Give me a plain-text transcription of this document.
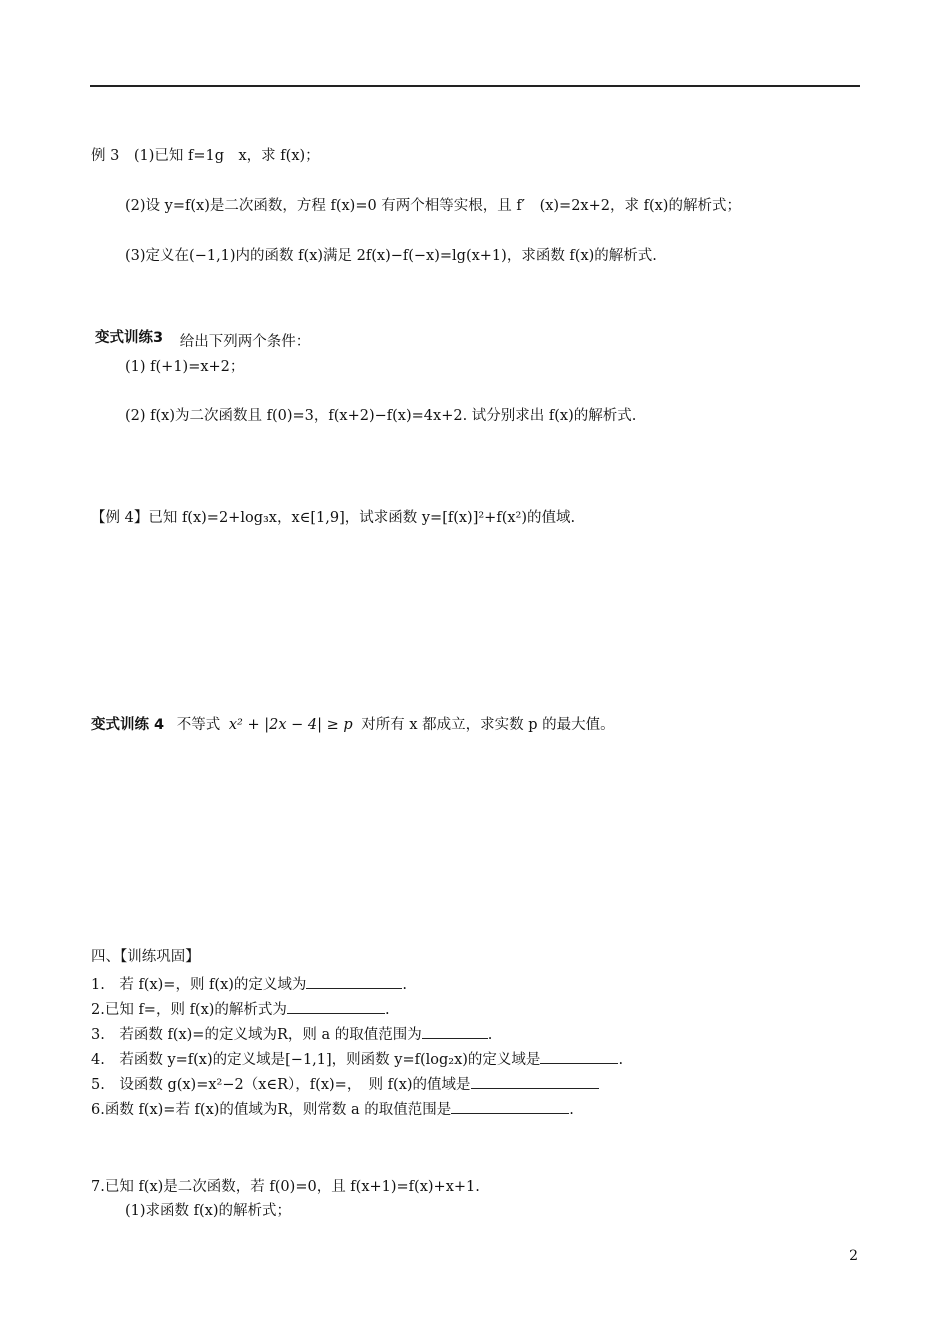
例 3　(1)已知 f=1g　x，求 f(x)；
(2)设 y=f(x)是二次函数，方程 f(x)=0 有两个相等实根，且 f′　(x)=2x+2，求 f(x)的解析式；
(3)定义在(−1,1)内的函数 f(x)满足 2f(x)−f(−x)=lg(x+1)，求函数 f(x)的解析式.
变式训练3 给出下列两个条件：
(1) f(+1)=x+2；
(2) f(x)为二次函数且 f(0)=3，f(x+2)−f(x)=4x+2. 试分别求出 f(x)的解析式.
【例 4】已知 f(x)=2+log₃x，x∈[1,9]，试求函数 y=[f(x)]²+f(x²)的值域.
变式训练 4 不等式 x² + |2x − 4| ≥ p 对所有 x 都成立，求实数 p 的最大值。
四、【训练巩固】
1.　若 f(x)=，则 f(x)的定义域为	.
2.已知 f=，则 f(x)的解析式为	.
3.　若函数 f(x)=的定义域为R，则 a 的取值范围为	.
4.　若函数 y=f(x)的定义域是[−1,1]，则函数 y=f(log₂x)的定义域是	.
5.　设函数 g(x)=x²−2（x∈R），f(x)=，　则 f(x)的值域是
6.函数 f(x)=若 f(x)的值域为R，则常数 a 的取值范围是	.
7.已知 f(x)是二次函数，若 f(0)=0，且 f(x+1)=f(x)+x+1.
(1)求函数 f(x)的解析式；
2
